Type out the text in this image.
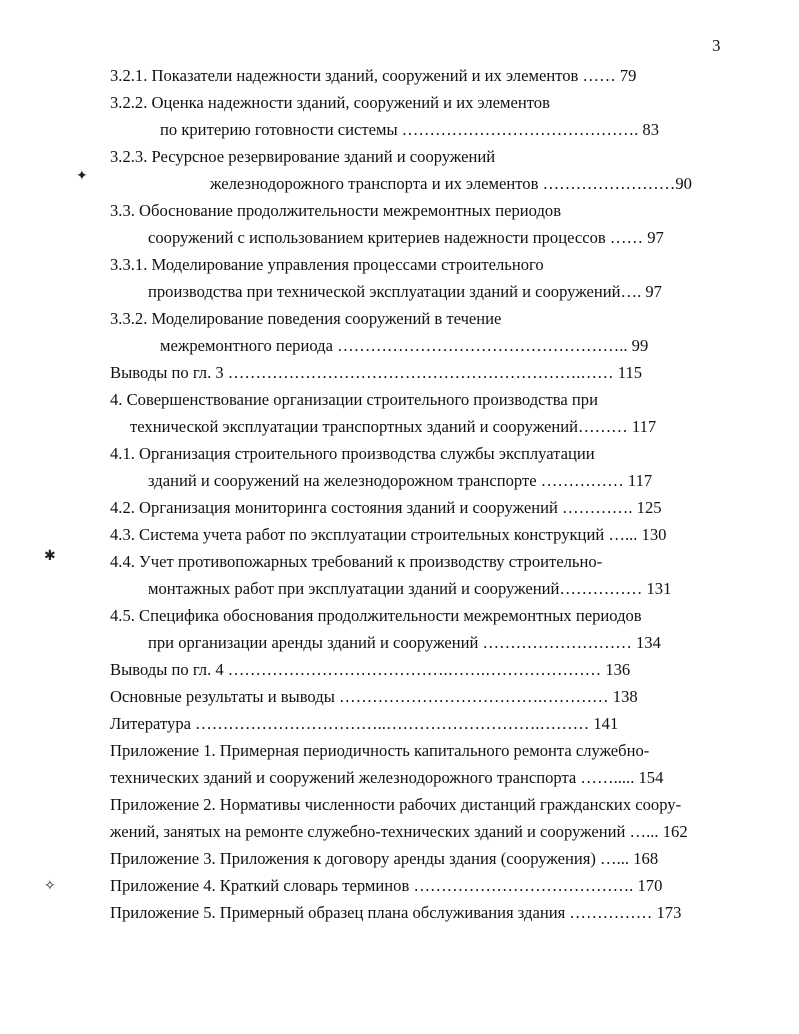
3
✦
✱
✧
3.2.1. Показатели надежности зданий, сооружений и их элементов …… 79
3.2.2. Оценка надежности зданий, сооружений и их элементов
по критерию готовности системы ……………………………………. 83
3.2.3. Ресурсное резервирование зданий и сооружений
железнодорожного транспорта и их элементов ……………………90
3.3. Обоснование продолжительности межремонтных периодов
сооружений с использованием критериев надежности процессов …… 97
3.3.1. Моделирование управления процессами строительного
производства при технической эксплуатации зданий и сооружений…. 97
3.3.2. Моделирование поведения сооружений в течение
межремонтного периода …………………………………………….. 99
Выводы по гл. 3 ……………………………………………………….…… 115
4. Совершенствование организации строительного производства при
технической эксплуатации транспортных зданий и сооружений……… 117
4.1. Организация строительного производства службы эксплуатации
зданий и сооружений на железнодорожном транспорте …………… 117
4.2. Организация мониторинга состояния зданий и сооружений …………. 125
4.3. Система учета работ по эксплуатации строительных конструкций …... 130
4.4. Учет противопожарных требований к производству строительно-
монтажных работ при эксплуатации зданий и сооружений…………… 131
4.5. Специфика обоснования продолжительности межремонтных периодов
при организации аренды зданий и сооружений ……………………… 134
Выводы по гл. 4 ………………………………….…….………………… 136
Основные результаты и выводы ……………………………….………… 138
Литература ……………………………..……………………….……… 141
Приложение 1. Примерная периодичность капитального ремонта служебно-
технических зданий и сооружений железнодорожного транспорта ……..... 154
Приложение 2. Нормативы численности рабочих дистанций гражданских соору-
жений, занятых на ремонте служебно-технических зданий и сооружений …... 162
Приложение 3. Приложения к договору аренды здания (сооружения) …... 168
Приложение 4. Краткий словарь терминов …………………………………. 170
Приложение 5. Примерный образец плана обслуживания здания …………… 173
